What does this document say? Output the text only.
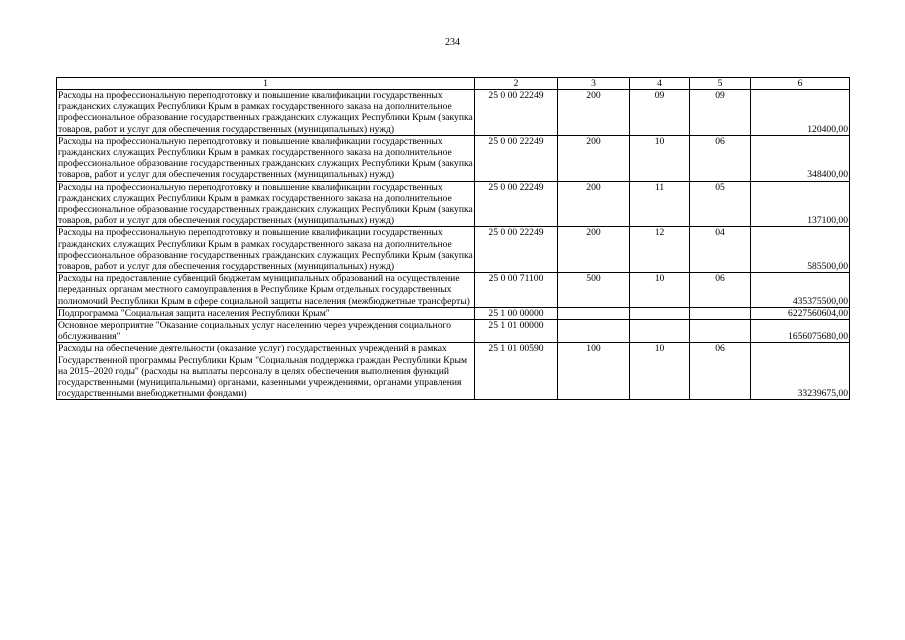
234
1	2	3	4	5	6
Расходы на профессиональную переподготовку и повышение квалификации государственных гражданских служащих Республики Крым в рамках государственного заказа на дополнительное профессиональное образование государственных гражданских служащих Республики Крым (закупка товаров, работ и услуг для обеспечения государственных (муниципальных) нужд)	25 0 00 22249	200	09	09	120400,00
Расходы на профессиональную переподготовку и повышение квалификации государственных гражданских служащих Республики Крым в рамках государственного заказа на дополнительное профессиональное образование государственных гражданских служащих Республики Крым (закупка товаров, работ и услуг для обеспечения государственных (муниципальных) нужд)	25 0 00 22249	200	10	06	348400,00
Расходы на профессиональную переподготовку и повышение квалификации государственных гражданских служащих Республики Крым в рамках государственного заказа на дополнительное профессиональное образование государственных гражданских служащих Республики Крым (закупка товаров, работ и услуг для обеспечения государственных (муниципальных) нужд)	25 0 00 22249	200	11	05	137100,00
Расходы на профессиональную переподготовку и повышение квалификации государственных гражданских служащих Республики Крым в рамках государственного заказа на дополнительное профессиональное образование государственных гражданских служащих Республики Крым (закупка товаров, работ и услуг для обеспечения государственных (муниципальных) нужд)	25 0 00 22249	200	12	04	585500,00
Расходы на предоставление субвенций бюджетам муниципальных образований на осуществление переданных органам местного самоуправления в Республике Крым отдельных государственных полномочий Республики Крым в сфере социальной защиты населения (межбюджетные трансферты)	25 0 00 71100	500	10	06	435375500,00
Подпрограмма "Социальная защита населения Республики Крым"	25 1 00 00000				6227560604,00
Основное мероприятие "Оказание социальных услуг населению через учреждения социального обслуживания"	25 1 01 00000				1656075680,00
Расходы на обеспечение деятельности (оказание услуг) государственных учреждений в рамках Государственной программы Республики Крым "Социальная поддержка граждан Республики Крым на 2015–2020 годы" (расходы на выплаты персоналу в целях обеспечения выполнения функций государственными (муниципальными) органами, казенными учреждениями, органами управления государственными внебюджетными фондами)	25 1 01 00590	100	10	06	33239675,00
